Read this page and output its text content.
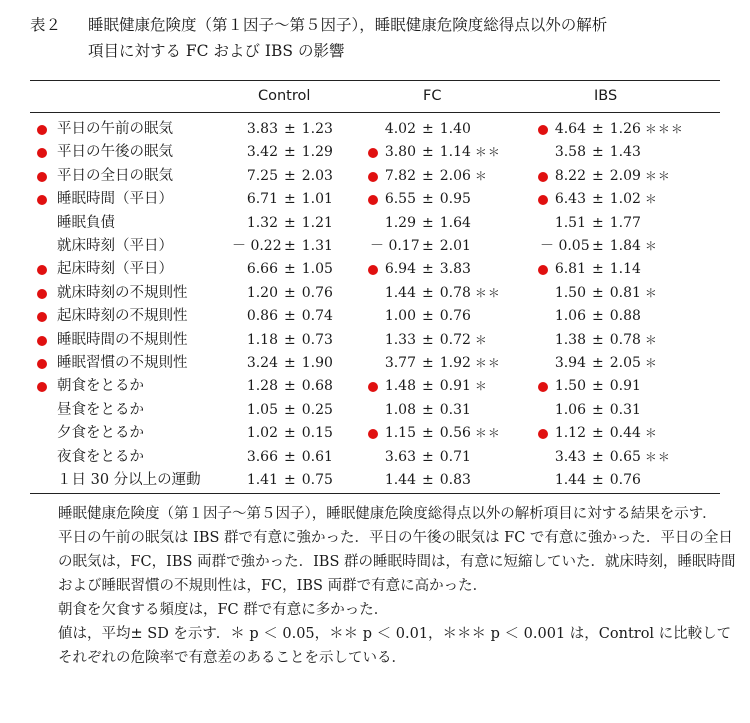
表２ 睡眠健康危険度（第１因子～第５因子），睡眠健康危険度総得点以外の解析
項目に対する FC および IBS の影響
Control	FC	IBS
平日の午前の眠気	3.83 ± 1.23	4.02 ± 1.40	4.64 ± 1.26 ＊＊＊
平日の午後の眠気	3.42 ± 1.29	3.80 ± 1.14 ＊＊	3.58 ± 1.43
平日の全日の眠気	7.25 ± 2.03	7.82 ± 2.06 ＊	8.22 ± 2.09 ＊＊
睡眠時間（平日）	6.71 ± 1.01	6.55 ± 0.95	6.43 ± 1.02 ＊
睡眠負債	1.32 ± 1.21	1.29 ± 1.64	1.51 ± 1.77
就床時刻（平日）	－ 0.22 ± 1.31	－ 0.17 ± 2.01	－ 0.05 ± 1.84 ＊
起床時刻（平日）	6.66 ± 1.05	6.94 ± 3.83	6.81 ± 1.14
就床時刻の不規則性	1.20 ± 0.76	1.44 ± 0.78 ＊＊	1.50 ± 0.81 ＊
起床時刻の不規則性	0.86 ± 0.74	1.00 ± 0.76	1.06 ± 0.88
睡眠時間の不規則性	1.18 ± 0.73	1.33 ± 0.72 ＊	1.38 ± 0.78 ＊
睡眠習慣の不規則性	3.24 ± 1.90	3.77 ± 1.92 ＊＊	3.94 ± 2.05 ＊
朝食をとるか	1.28 ± 0.68	1.48 ± 0.91 ＊	1.50 ± 0.91
昼食をとるか	1.05 ± 0.25	1.08 ± 0.31	1.06 ± 0.31
夕食をとるか	1.02 ± 0.15	1.15 ± 0.56 ＊＊	1.12 ± 0.44 ＊
夜食をとるか	3.66 ± 0.61	3.63 ± 0.71	3.43 ± 0.65 ＊＊
１日 30 分以上の運動	1.41 ± 0.75	1.44 ± 0.83	1.44 ± 0.76

睡眠健康危険度（第１因子～第５因子），睡眠健康危険度総得点以外の解析項目に対する結果を示す．

平日の午前の眠気は IBS 群で有意に強かった．平日の午後の眠気は FC で有意に強かった．平日の全日の眠気は，FC，IBS 両群で強かった．IBS 群の睡眠時間は，有意に短縮していた．就床時刻，睡眠時間および睡眠習慣の不規則性は，FC，IBS 両群で有意に高かった．

朝食を欠食する頻度は，FC 群で有意に多かった．

値は，平均± SD を示す．＊ p ＜ 0.05，＊＊ p ＜ 0.01，＊＊＊ p ＜ 0.001 は，Control に比較してそれぞれの危険率で有意差のあることを示している．
